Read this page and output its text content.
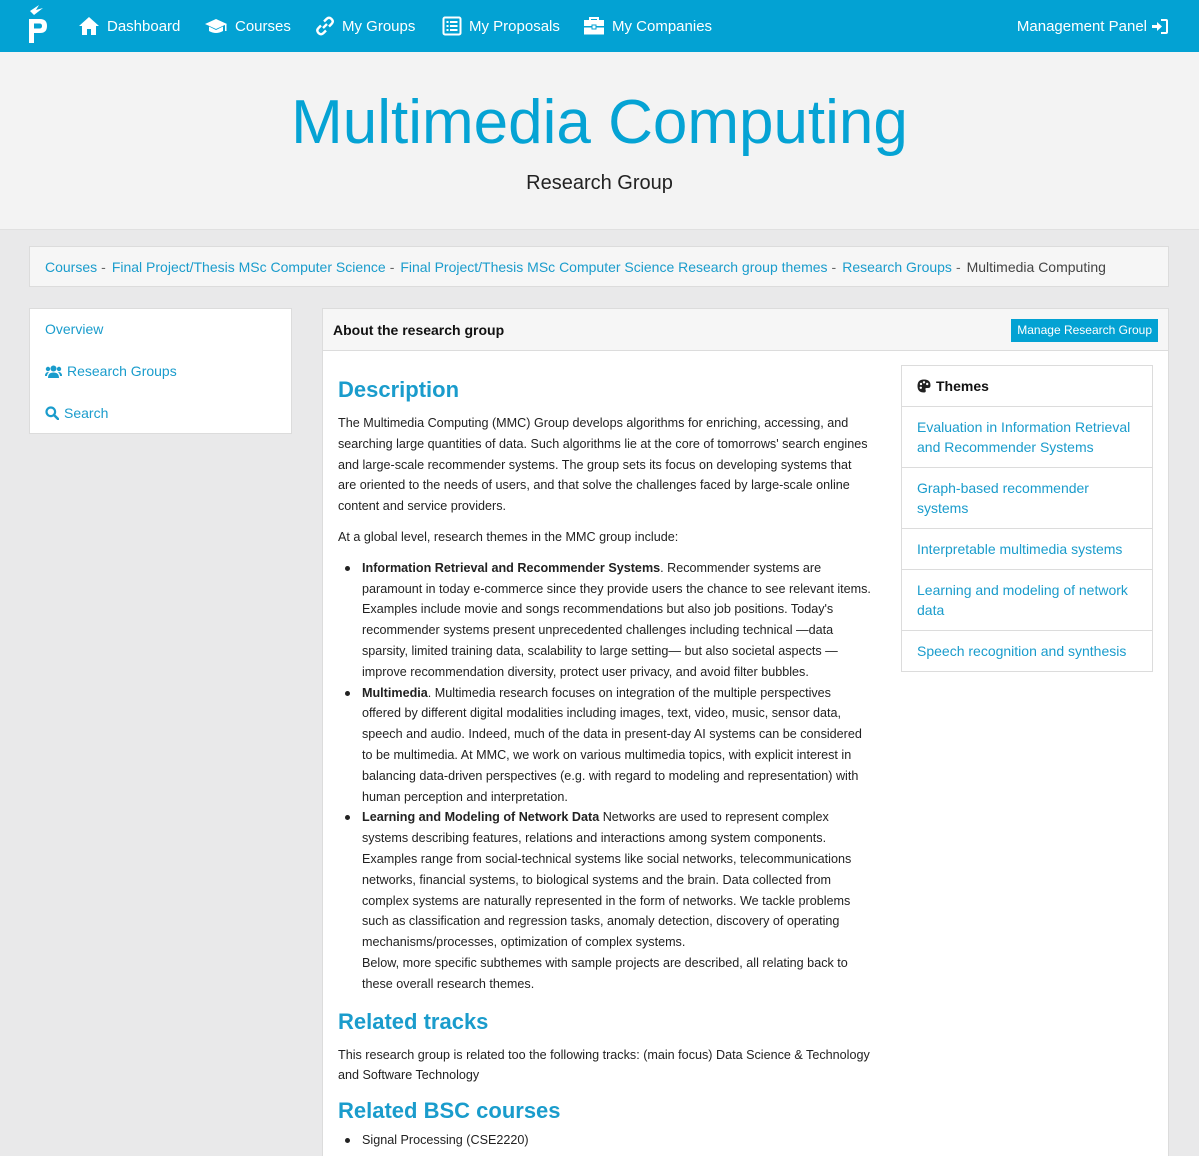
Dashboard	Courses	My Groups	My Proposals	My Companies	Management Panel
Multimedia Computing
Research Group
Courses - Final Project/Thesis MSc Computer Science - Final Project/Thesis MSc Computer Science Research group themes - Research Groups - Multimedia Computing
Overview
Research Groups
Search
About the research group	Manage Research Group
Description

The Multimedia Computing (MMC) Group develops algorithms for enriching, accessing, and searching large quantities of data. Such algorithms lie at the core of tomorrows' search engines and large-scale recommender systems. The group sets its focus on developing systems that are oriented to the needs of users, and that solve the challenges faced by large-scale online content and service providers.

At a global level, research themes in the MMC group include:

Information Retrieval and Recommender Systems. Recommender systems are paramount in today e-commerce since they provide users the chance to see relevant items. Examples include movie and songs recommendations but also job positions. Today's recommender systems present unprecedented challenges including technical —data sparsity, limited training data, scalability to large setting— but also societal aspects —improve recommendation diversity, protect user privacy, and avoid filter bubbles.
Multimedia. Multimedia research focuses on integration of the multiple perspectives offered by different digital modalities including images, text, video, music, sensor data, speech and audio. Indeed, much of the data in present-day AI systems can be considered to be multimedia. At MMC, we work on various multimedia topics, with explicit interest in balancing data-driven perspectives (e.g. with regard to modeling and representation) with human perception and interpretation.
Learning and Modeling of Network Data Networks are used to represent complex systems describing features, relations and interactions among system components. Examples range from social-technical systems like social networks, telecommunications networks, financial systems, to biological systems and the brain. Data collected from complex systems are naturally represented in the form of networks. We tackle problems such as classification and regression tasks, anomaly detection, discovery of operating mechanisms/processes, optimization of complex systems.
Below, more specific subthemes with sample projects are described, all relating back to these overall research themes.
Related tracks

This research group is related too the following tracks: (main focus) Data Science & Technology and Software Technology

Related BSC courses
Signal Processing (CSE2220)
Themes
Evaluation in Information Retrieval and Recommender Systems
Graph-based recommender systems
Interpretable multimedia systems
Learning and modeling of network data
Speech recognition and synthesis
